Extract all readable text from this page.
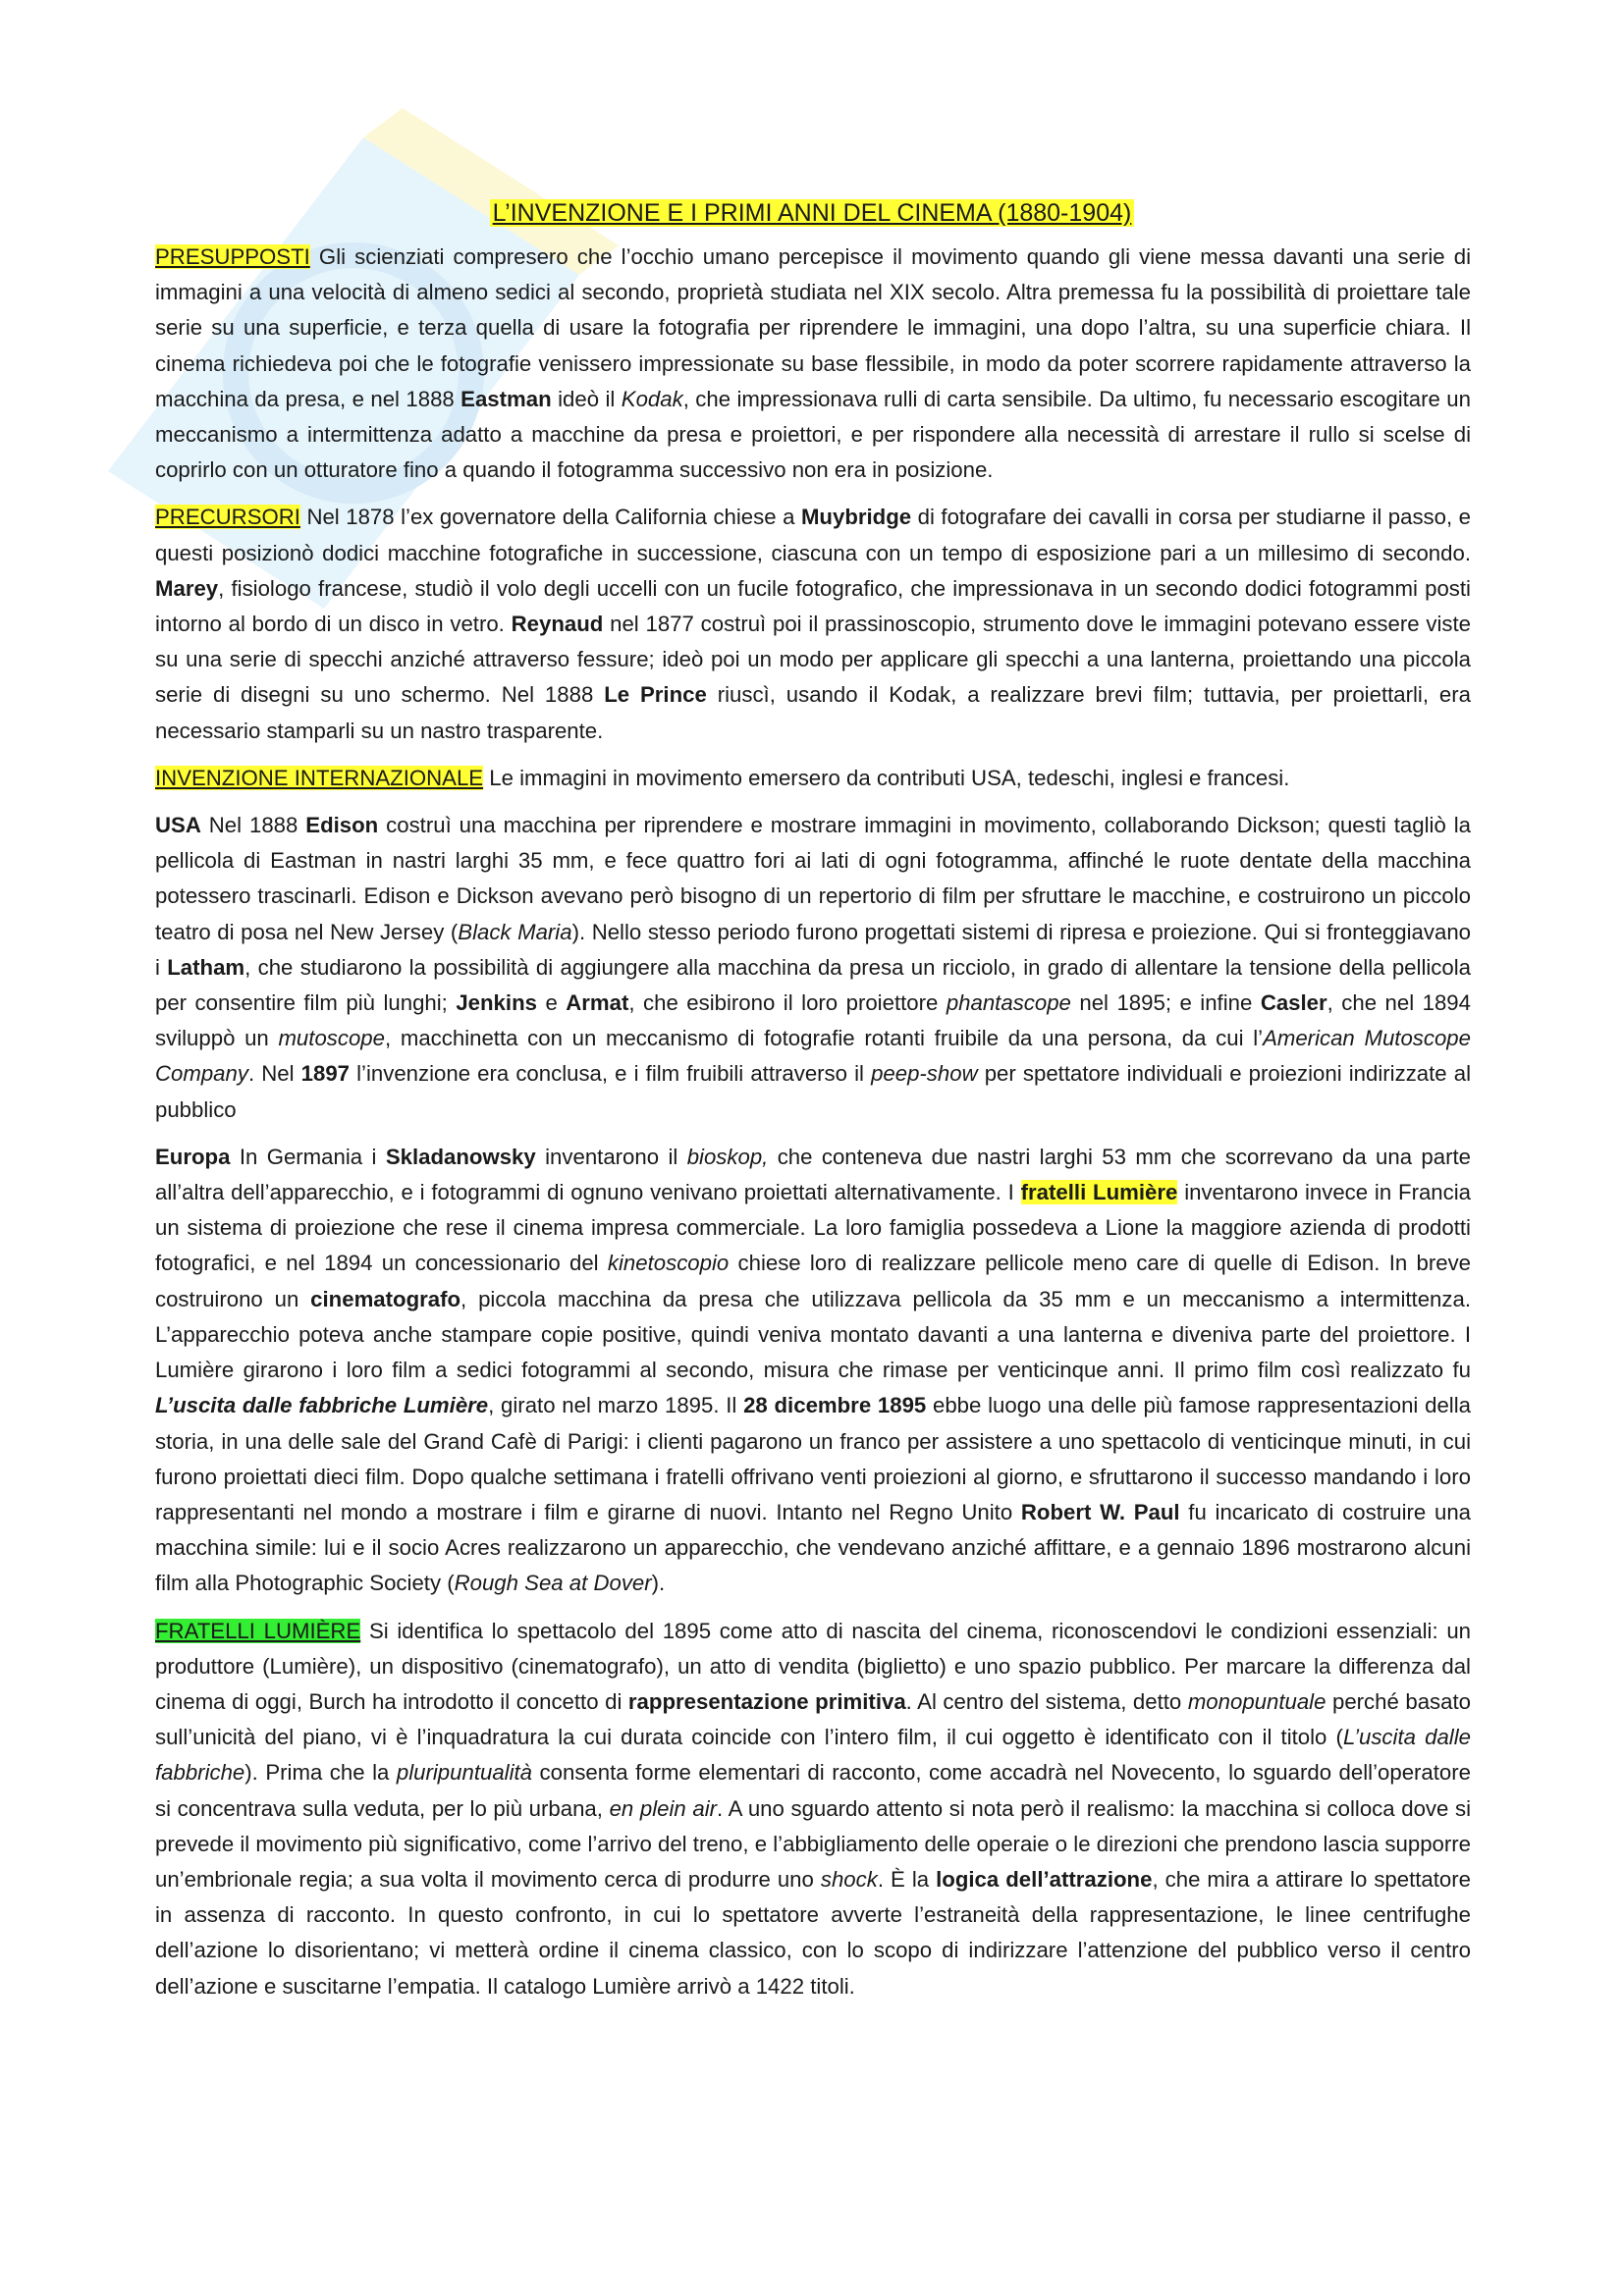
L’INVENZIONE E I PRIMI ANNI DEL CINEMA (1880-1904)

PRESUPPOSTI Gli scienziati compresero che l’occhio umano percepisce il movimento quando gli viene messa davanti una serie di immagini a una velocità di almeno sedici al secondo, proprietà studiata nel XIX secolo. Altra premessa fu la possibilità di proiettare tale serie su una superficie, e terza quella di usare la fotografia per riprendere le immagini, una dopo l’altra, su una superficie chiara. Il cinema richiedeva poi che le fotografie venissero impressionate su base flessibile, in modo da poter scorrere rapidamente attraverso la macchina da presa, e nel 1888 Eastman ideò il Kodak, che impressionava rulli di carta sensibile. Da ultimo, fu necessario escogitare un meccanismo a intermittenza adatto a macchine da presa e proiettori, e per rispondere alla necessità di arrestare il rullo si scelse di coprirlo con un otturatore fino a quando il fotogramma successivo non era in posizione.

PRECURSORI Nel 1878 l’ex governatore della California chiese a Muybridge di fotografare dei cavalli in corsa per studiarne il passo, e questi posizionò dodici macchine fotografiche in successione, ciascuna con un tempo di esposizione pari a un millesimo di secondo. Marey, fisiologo francese, studiò il volo degli uccelli con un fucile fotografico, che impressionava in un secondo dodici fotogrammi posti intorno al bordo di un disco in vetro. Reynaud nel 1877 costruì poi il prassinoscopio, strumento dove le immagini potevano essere viste su una serie di specchi anziché attraverso fessure; ideò poi un modo per applicare gli specchi a una lanterna, proiettando una piccola serie di disegni su uno schermo. Nel 1888 Le Prince riuscì, usando il Kodak, a realizzare brevi film; tuttavia, per proiettarli, era necessario stamparli su un nastro trasparente.

INVENZIONE INTERNAZIONALE Le immagini in movimento emersero da contributi USA, tedeschi, inglesi e francesi.

USA Nel 1888 Edison costruì una macchina per riprendere e mostrare immagini in movimento, collaborando Dickson; questi tagliò la pellicola di Eastman in nastri larghi 35 mm, e fece quattro fori ai lati di ogni fotogramma, affinché le ruote dentate della macchina potessero trascinarli. Edison e Dickson avevano però bisogno di un repertorio di film per sfruttare le macchine, e costruirono un piccolo teatro di posa nel New Jersey (Black Maria). Nello stesso periodo furono progettati sistemi di ripresa e proiezione. Qui si fronteggiavano i Latham, che studiarono la possibilità di aggiungere alla macchina da presa un ricciolo, in grado di allentare la tensione della pellicola per consentire film più lunghi; Jenkins e Armat, che esibirono il loro proiettore phantascope nel 1895; e infine Casler, che nel 1894 sviluppò un mutoscope, macchinetta con un meccanismo di fotografie rotanti fruibile da una persona, da cui l’American Mutoscope Company. Nel 1897 l’invenzione era conclusa, e i film fruibili attraverso il peep-show per spettatore individuali e proiezioni indirizzate al pubblico

Europa In Germania i Skladanowsky inventarono il bioskop, che conteneva due nastri larghi 53 mm che scorrevano da una parte all’altra dell’apparecchio, e i fotogrammi di ognuno venivano proiettati alternativamente. I fratelli Lumière inventarono invece in Francia un sistema di proiezione che rese il cinema impresa commerciale. La loro famiglia possedeva a Lione la maggiore azienda di prodotti fotografici, e nel 1894 un concessionario del kinetoscopio chiese loro di realizzare pellicole meno care di quelle di Edison. In breve costruirono un cinematografo, piccola macchina da presa che utilizzava pellicola da 35 mm e un meccanismo a intermittenza. L’apparecchio poteva anche stampare copie positive, quindi veniva montato davanti a una lanterna e diveniva parte del proiettore. I Lumière girarono i loro film a sedici fotogrammi al secondo, misura che rimase per venticinque anni. Il primo film così realizzato fu L’uscita dalle fabbriche Lumière, girato nel marzo 1895. Il 28 dicembre 1895 ebbe luogo una delle più famose rappresentazioni della storia, in una delle sale del Grand Cafè di Parigi: i clienti pagarono un franco per assistere a uno spettacolo di venticinque minuti, in cui furono proiettati dieci film. Dopo qualche settimana i fratelli offrivano venti proiezioni al giorno, e sfruttarono il successo mandando i loro rappresentanti nel mondo a mostrare i film e girarne di nuovi. Intanto nel Regno Unito Robert W. Paul fu incaricato di costruire una macchina simile: lui e il socio Acres realizzarono un apparecchio, che vendevano anziché affittare, e a gennaio 1896 mostrarono alcuni film alla Photographic Society (Rough Sea at Dover).

FRATELLI LUMIÈRE Si identifica lo spettacolo del 1895 come atto di nascita del cinema, riconoscendovi le condizioni essenziali: un produttore (Lumière), un dispositivo (cinematografo), un atto di vendita (biglietto) e uno spazio pubblico. Per marcare la differenza dal cinema di oggi, Burch ha introdotto il concetto di rappresentazione primitiva. Al centro del sistema, detto monopuntuale perché basato sull’unicità del piano, vi è l’inquadratura la cui durata coincide con l’intero film, il cui oggetto è identificato con il titolo (L’uscita dalle fabbriche). Prima che la pluripuntualità consenta forme elementari di racconto, come accadrà nel Novecento, lo sguardo dell’operatore si concentrava sulla veduta, per lo più urbana, en plein air. A uno sguardo attento si nota però il realismo: la macchina si colloca dove si prevede il movimento più significativo, come l’arrivo del treno, e l’abbigliamento delle operaie o le direzioni che prendono lascia supporre un’embrionale regia; a sua volta il movimento cerca di produrre uno shock. È la logica dell’attrazione, che mira a attirare lo spettatore in assenza di racconto. In questo confronto, in cui lo spettatore avverte l’estraneità della rappresentazione, le linee centrifughe dell’azione lo disorientano; vi metterà ordine il cinema classico, con lo scopo di indirizzare l’attenzione del pubblico verso il centro dell’azione e suscitarne l’empatia. Il catalogo Lumière arrivò a 1422 titoli.
